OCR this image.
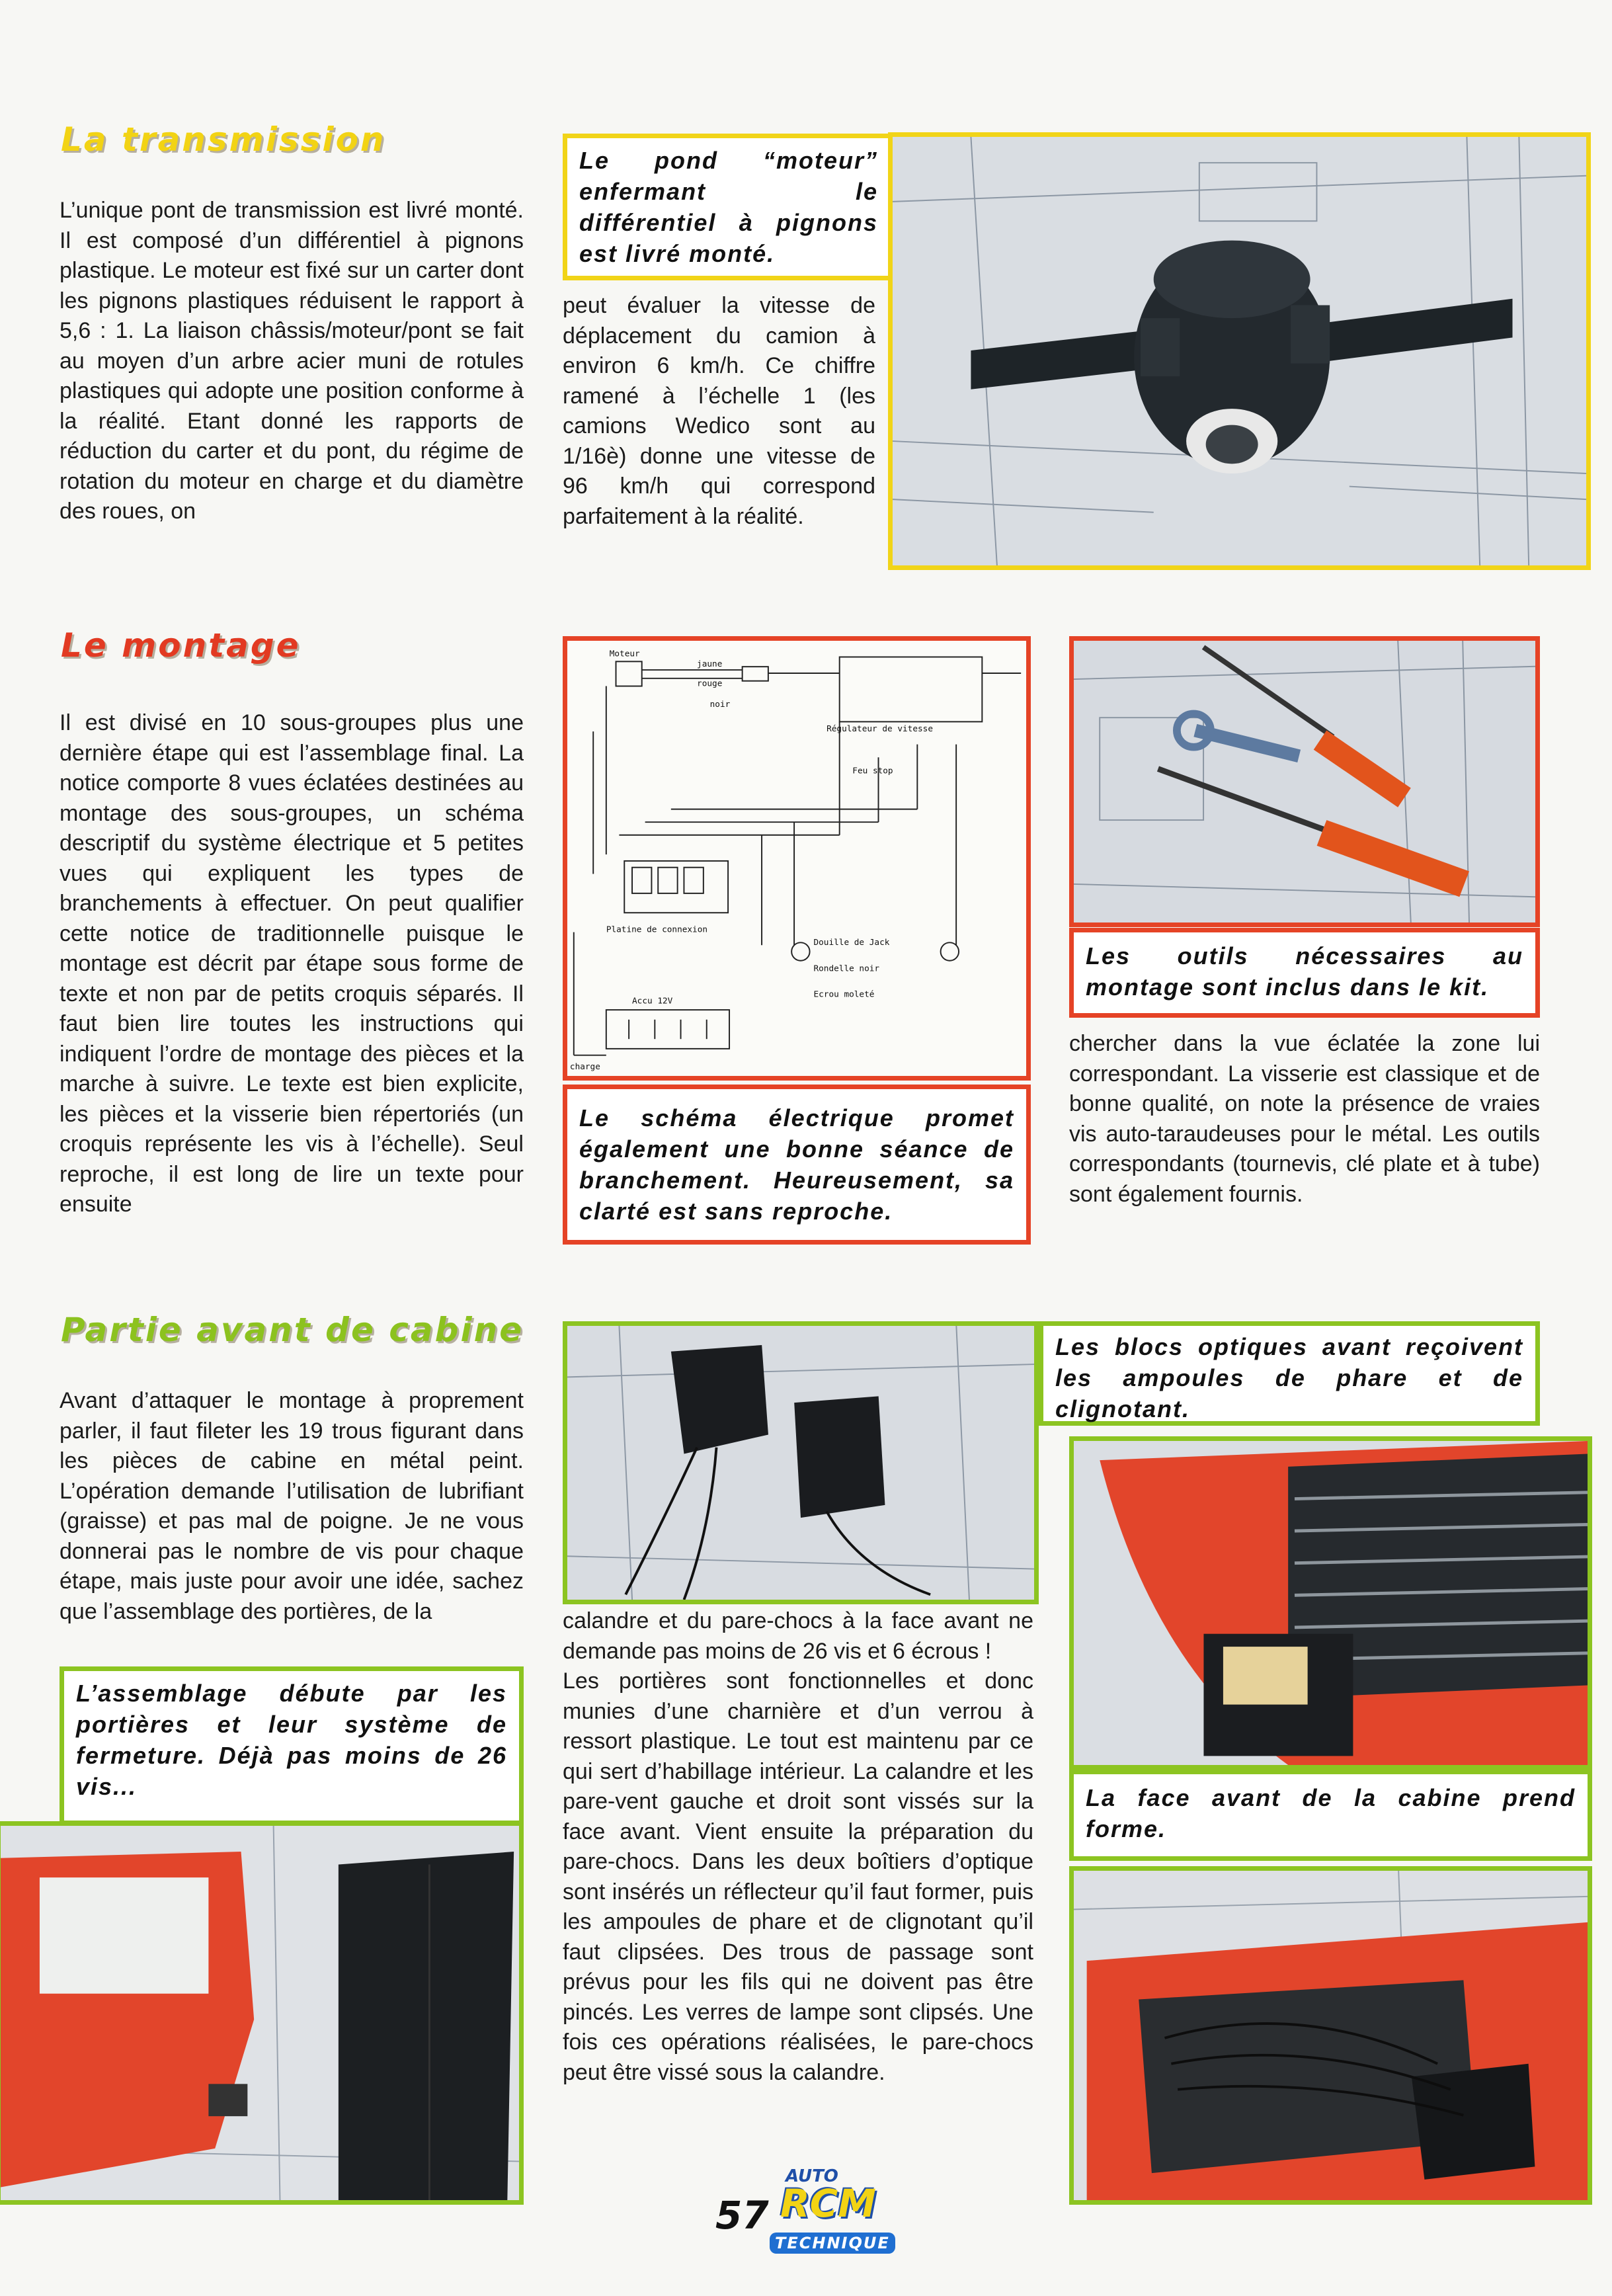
La transmission
L’unique pont de transmission est livré monté. Il est composé d’un différentiel à pignons plastique. Le moteur est fixé sur un carter dont les pignons plastiques réduisent le rapport à 5,6 : 1. La liaison châssis/moteur/pont se fait au moyen d’un arbre acier muni de rotules plastiques qui adopte une position conforme à la réalité. Etant donné les rapports de réduction du carter et du pont, du régime de rotation du moteur en charge et du diamètre des roues, on
Le pond “moteur” enfermant le différentiel à pignons est livré monté.
peut évaluer la vitesse de déplacement du camion à environ 6 km/h. Ce chiffre ramené à l’échelle 1 (les camions Wedico sont au 1/16è) donne une vitesse de 96 km/h qui correspond parfaitement à la réalité.
Le montage
Il est divisé en 10 sous-groupes plus une dernière étape qui est l’assemblage final. La notice comporte 8 vues éclatées destinées au montage des sous-groupes, un schéma descriptif du système électrique et 5 petites vues qui expliquent les types de branchements à effectuer. On peut qualifier cette notice de traditionnelle puisque le montage est décrit par étape sous forme de texte et non par de petits croquis séparés. Il faut bien lire toutes les instructions qui indiquent l’ordre de montage des pièces et la marche à suivre. Le texte est bien explicite, les pièces et la visserie bien répertoriés (un croquis représente les vis à l’échelle). Seul reproche, il est long de lire un texte pour ensuite
Moteur
Régulateur de vitesse
Feu stop
Platine de connexion
Accu 12V
charge
Douille de Jack
Rondelle noir
Ecrou moleté
rouge
jaune
noir
Le schéma électrique promet également une bonne séance de branchement. Heureusement, sa clarté est sans reproche.
Les outils nécessaires au montage sont inclus dans le kit.
chercher dans la vue éclatée la zone lui correspondant. La visserie est classique et de bonne qualité, on note la présence de vraies vis auto-taraudeuses pour le métal. Les outils correspondants (tournevis, clé plate et à tube) sont également fournis.
Partie avant de cabine
Avant d’attaquer le montage à proprement parler, il faut fileter les 19 trous figurant dans les pièces de cabine en métal peint. L’opération demande l’utilisation de lubrifiant (graisse) et pas mal de poigne. Je ne vous donnerai pas le nombre de vis pour chaque étape, mais juste pour avoir une idée, sachez que l’assemblage des portières, de la
L’assemblage débute par les portières et leur système de fermeture. Déjà pas moins de 26 vis...
Les blocs optiques avant reçoivent les ampoules de phare et de clignotant.
calandre et du pare-chocs à la face avant ne demande pas moins de 26 vis et 6 écrous !
Les portières sont fonctionnelles et donc munies d’une charnière et d’un verrou à ressort plastique. Le tout est maintenu par ce qui sert d’habillage intérieur. La calandre et les pare-vent gauche et droit sont vissés sur la face avant. Vient ensuite la préparation du pare-chocs. Dans les deux boîtiers d’optique sont insérés un réflecteur qu’il faut former, puis les ampoules de phare et de clignotant qu’il faut clipsées. Des trous de passage sont prévus pour les fils qui ne doivent pas être pincés. Les verres de lampe sont clipsés. Une fois ces opérations réalisées, le pare-chocs peut être vissé sous la calandre.
La face avant de la cabine prend forme.
57
AUTO
RCM
TECHNIQUE
